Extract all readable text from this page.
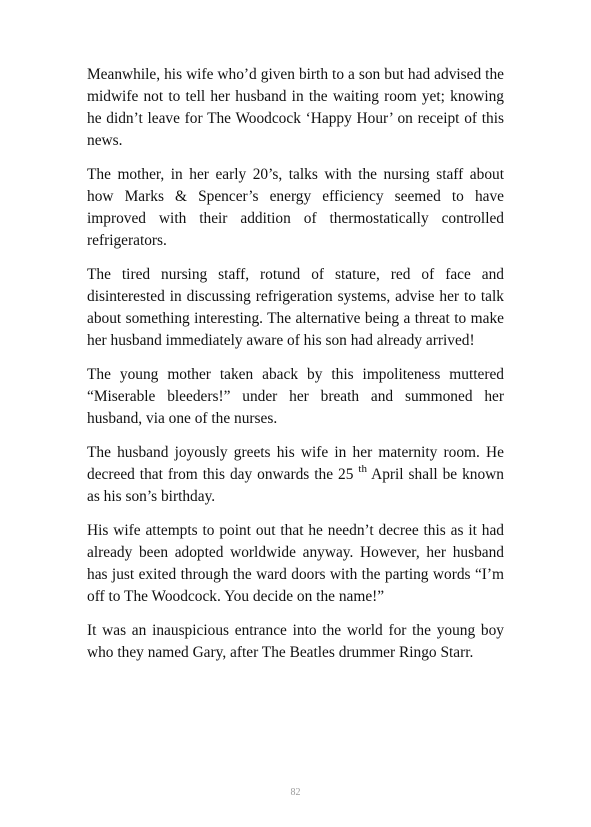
Meanwhile, his wife who’d given birth to a son but had advised the midwife not to tell her husband in the waiting room yet; knowing he didn’t leave for The Woodcock ‘Happy Hour’ on receipt of this news.

The mother, in her early 20’s, talks with the nursing staff about how Marks & Spencer’s energy efficiency seemed to have improved with their addition of thermostatically controlled refrigerators.

The tired nursing staff, rotund of stature, red of face and disinterested in discussing refrigeration systems, advise her to talk about something interesting. The alternative being a threat to make her husband immediately aware of his son had already arrived!

The young mother taken aback by this impoliteness muttered “Miserable bleeders!” under her breath and summoned her husband, via one of the nurses.

The husband joyously greets his wife in her maternity room. He decreed that from this day onwards the 25 $^{th}$ April shall be known as his son’s birthday.

His wife attempts to point out that he needn’t decree this as it had already been adopted worldwide anyway. However, her husband has just exited through the ward doors with the parting words “I’m off to The Woodcock. You decide on the name!”

It was an inauspicious entrance into the world for the young boy who they named Gary, after The Beatles drummer Ringo Starr.

82
